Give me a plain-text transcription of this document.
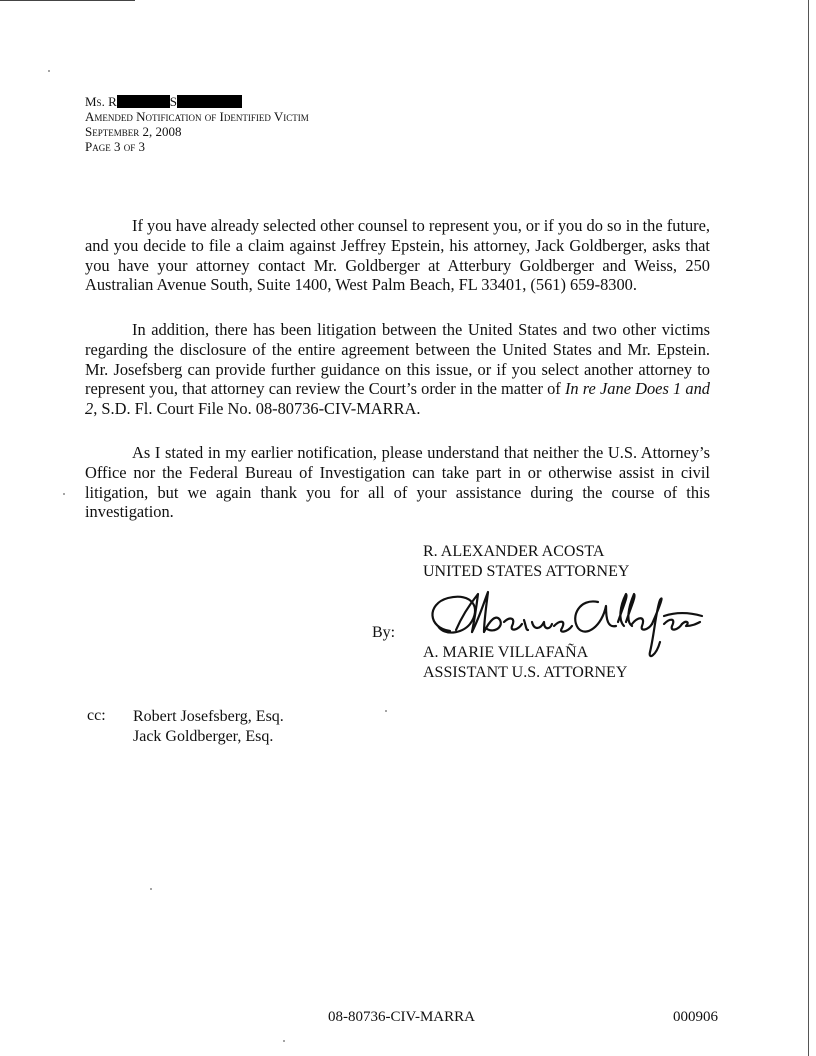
Ms. R	S
Amended Notification of Identified Victim
September 2, 2008
Page 3 of 3

If you have already selected other counsel to represent you, or if you do so in the future, and you decide to file a claim against Jeffrey Epstein, his attorney, Jack Goldberger, asks that you have your attorney contact Mr. Goldberger at Atterbury Goldberger and Weiss, 250 Australian Avenue South, Suite 1400, West Palm Beach, FL 33401, (561) 659-8300.

In addition, there has been litigation between the United States and two other victims regarding the disclosure of the entire agreement between the United States and Mr. Epstein. Mr. Josefsberg can provide further guidance on this issue, or if you select another attorney to represent you, that attorney can review the Court’s order in the matter of In re Jane Does 1 and 2, S.D. Fl. Court File No. 08-80736-CIV-MARRA.

As I stated in my earlier notification, please understand that neither the U.S. Attorney’s Office nor the Federal Bureau of Investigation can take part in or otherwise assist in civil litigation, but we again thank you for all of your assistance during the course of this investigation.

R. ALEXANDER ACOSTA
UNITED STATES ATTORNEY
By:
A. MARIE VILLAFAÑA
ASSISTANT U.S. ATTORNEY
cc: Robert Josefsberg, Esq.
Jack Goldberger, Esq.
08-80736-CIV-MARRA	000906
